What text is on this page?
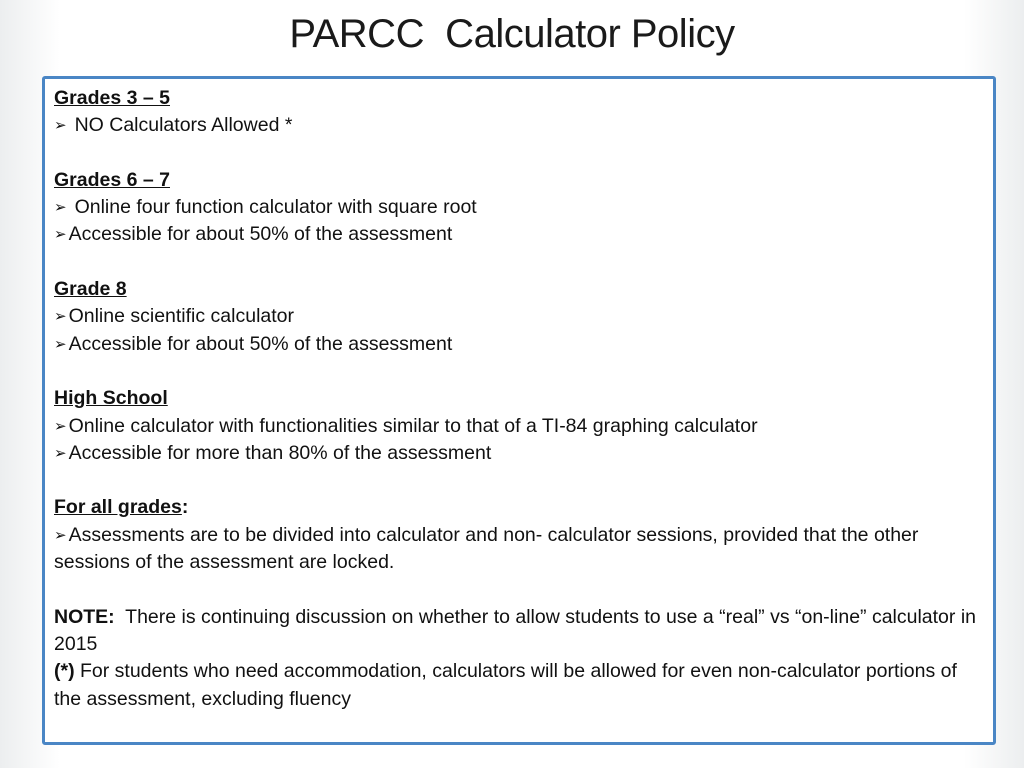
PARCC  Calculator Policy
Grades 3 – 5
➢ NO Calculators Allowed *
Grades 6 – 7
➢ Online four function calculator with square root
➢ Accessible for about 50% of the assessment
Grade 8
➢ Online scientific calculator
➢ Accessible for about 50% of the assessment
High School
➢ Online calculator with functionalities similar to that of a TI-84 graphing calculator
➢ Accessible for more than 80% of the assessment
For all grades:
➢ Assessments are to be divided into calculator and non- calculator sessions, provided that the other sessions of the assessment are locked.
NOTE:  There is continuing discussion on whether to allow students to use a “real” vs “on-line” calculator in 2015
(*) For students who need accommodation, calculators will be allowed for even non-calculator portions of the assessment, excluding fluency
